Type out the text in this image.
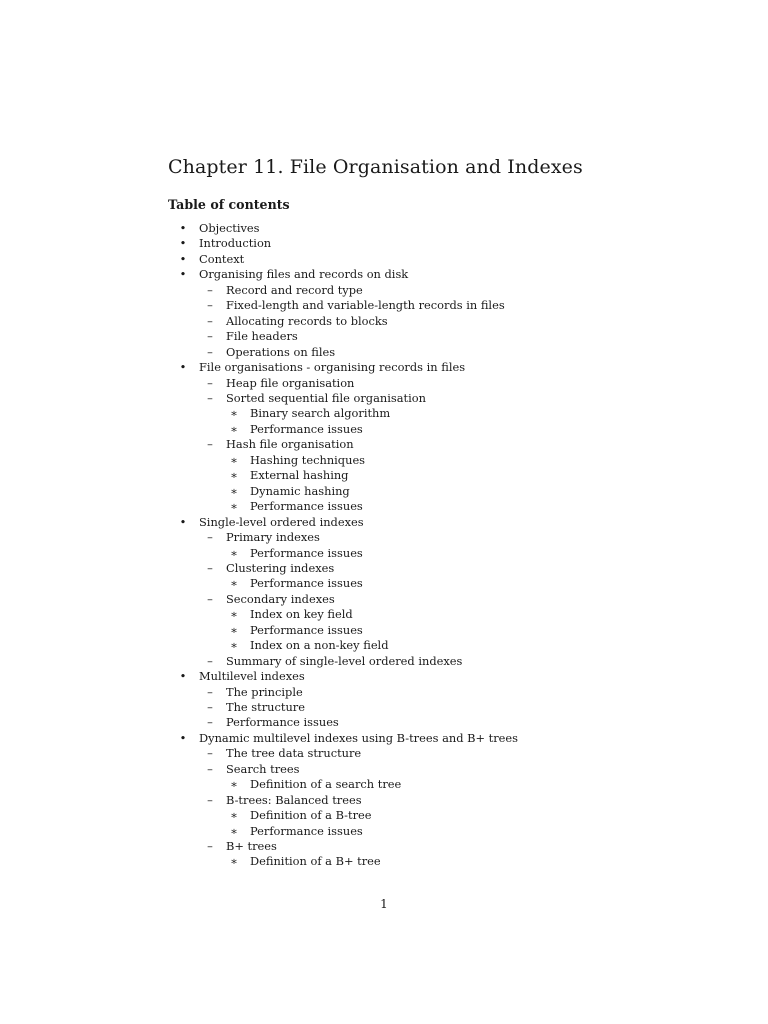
Chapter 11. File Organisation and Indexes
Table of contents
•	Objectives
•	Introduction
•	Context
•	Organising files and records on disk
–	Record and record type
–	Fixed-length and variable-length records in files
–	Allocating records to blocks
–	File headers
–	Operations on files
•	File organisations - organising records in files
–	Heap file organisation
–	Sorted sequential file organisation
∗ Binary search algorithm
∗ Performance issues
–	Hash file organisation
∗ Hashing techniques
∗ External hashing
∗ Dynamic hashing
∗ Performance issues
•	Single-level ordered indexes
–	Primary indexes
∗ Performance issues
–	Clustering indexes
∗ Performance issues
–	Secondary indexes
∗ Index on key field
∗ Performance issues
∗ Index on a non-key field
–	Summary of single-level ordered indexes
•	Multilevel indexes
–	The principle
–	The structure
–	Performance issues
•	Dynamic multilevel indexes using B-trees and B+ trees
–	The tree data structure
–	Search trees
∗ Definition of a search tree
–	B-trees: Balanced trees
∗ Definition of a B-tree
∗ Performance issues
–	B+ trees
∗ Definition of a B+ tree
1
